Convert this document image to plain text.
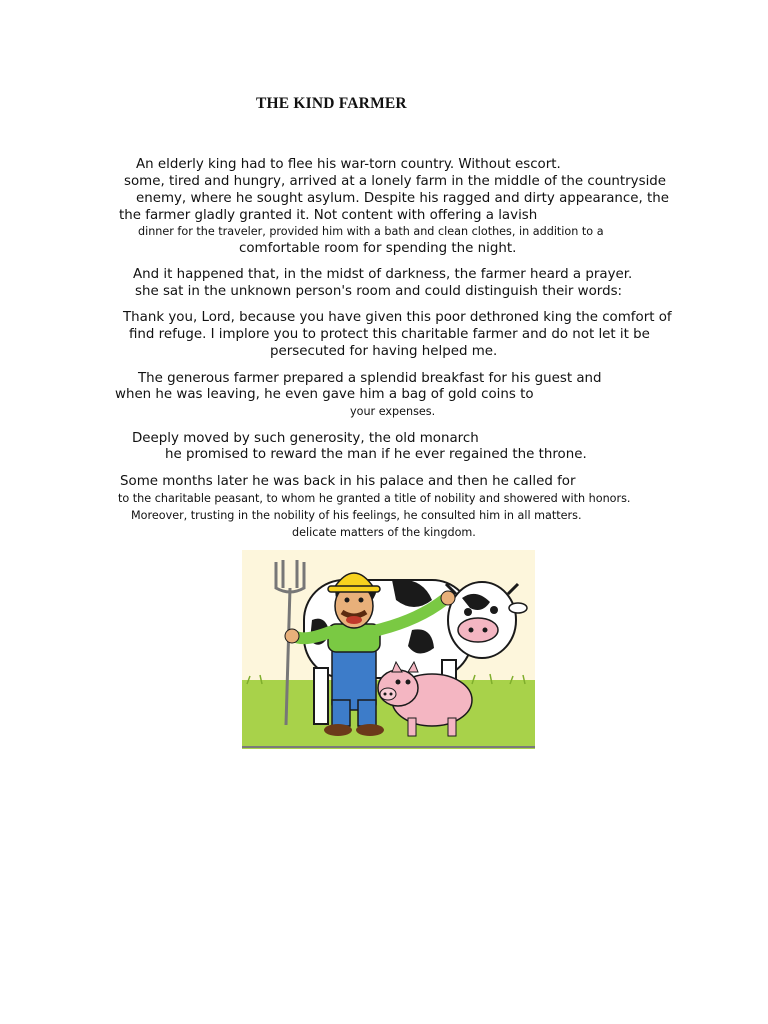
THE KIND FARMER
An elderly king had to flee his war-torn country. Without escort.
some, tired and hungry, arrived at a lonely farm in the middle of the countryside
enemy, where he sought asylum. Despite his ragged and dirty appearance, the
the farmer gladly granted it. Not content with offering a lavish
dinner for the traveler, provided him with a bath and clean clothes, in addition to a
comfortable room for spending the night.
And it happened that, in the midst of darkness, the farmer heard a prayer.
she sat in the unknown person's room and could distinguish their words:
Thank you, Lord, because you have given this poor dethroned king the comfort of
find refuge. I implore you to protect this charitable farmer and do not let it be
persecuted for having helped me.
The generous farmer prepared a splendid breakfast for his guest and
when he was leaving, he even gave him a bag of gold coins to
your expenses.
Deeply moved by such generosity, the old monarch
he promised to reward the man if he ever regained the throne.
Some months later he was back in his palace and then he called for
to the charitable peasant, to whom he granted a title of nobility and showered with honors.
Moreover, trusting in the nobility of his feelings, he consulted him in all matters.
delicate matters of the kingdom.
